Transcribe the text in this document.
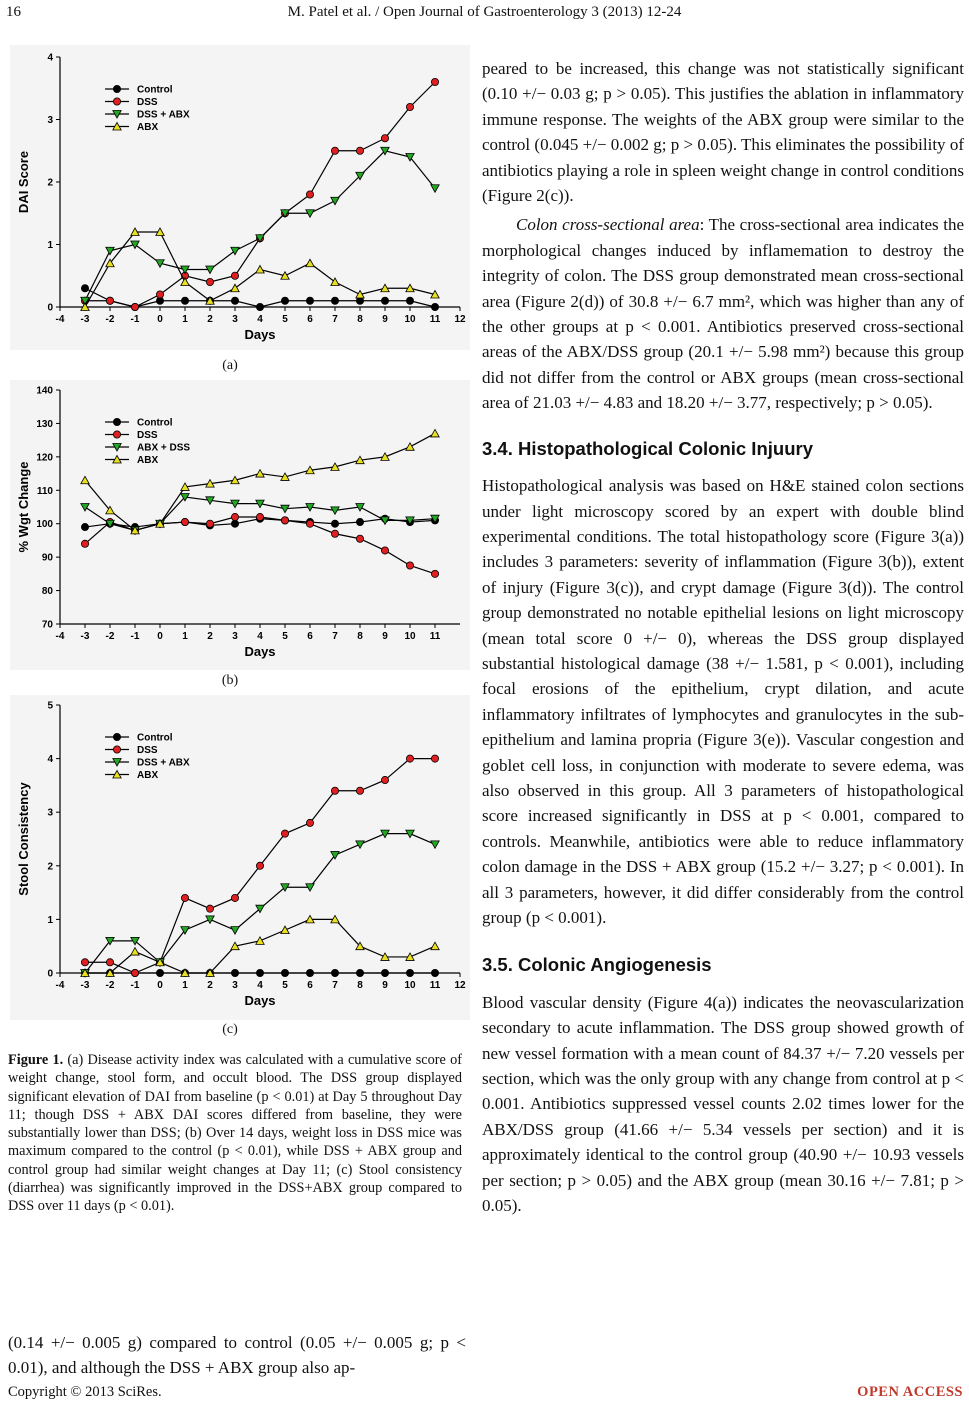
16	M. Patel et al. / Open Journal of Gastroenterology 3 (2013) 12-24
0
1
2
3
4
-4 -3 -2 -1 0 1 2 3 4 5 6 7 8 9 10 11 12
Days
DAI Score
Control
DSS
DSS + ABX
ABX
(a)
70
80
90
100
110
120
130
140
-4 -3 -2 -1 0 1 2 3 4 5 6 7 8 9 10 11
Days
% Wgt Change
Control
DSS
ABX + DSS
ABX
(b)
0
1
2
3
4
5
-4 -3 -2 -1 0 1 2 3 4 5 6 7 8 9 10 11 12
Days
Stool Consistency
Control
DSS
DSS + ABX
ABX
(c)
Figure 1. (a) Disease activity index was calculated with a cumulative score of weight change, stool form, and occult blood. The DSS group displayed significant elevation of DAI from baseline (p < 0.01) at Day 5 throughout Day 11; though DSS + ABX DAI scores differed from baseline, they were substantially lower than DSS; (b) Over 14 days, weight loss in DSS mice was maximum compared to the control (p < 0.01), while DSS + ABX group and control group had similar weight changes at Day 11; (c) Stool consistency (diarrhea) was significantly improved in the DSS+ABX group compared to DSS over 11 days (p < 0.01).
(0.14 +/− 0.005 g) compared to control (0.05 +/− 0.005 g; p < 0.01), and although the DSS + ABX group also ap-

peared to be increased, this change was not statistically significant (0.10 +/− 0.03 g; p > 0.05). This justifies the ablation in inflammatory immune response. The weights of the ABX group were similar to the control (0.045 +/− 0.002 g; p > 0.05). This eliminates the possibility of antibiotics playing a role in spleen weight change in control conditions (Figure 2(c)).

Colon cross-sectional area: The cross-sectional area indicates the morphological changes induced by inflamemation to destroy the integrity of colon. The DSS group demonstrated mean cross-sectional area (Figure 2(d)) of 30.8 +/− 6.7 mm², which was higher than any of the other groups at p < 0.001. Antibiotics preserved cross-sectional areas of the ABX/DSS group (20.1 +/− 5.98 mm²) because this group did not differ from the control or ABX groups (mean cross-sectional area of 21.03 +/− 4.83 and 18.20 +/− 3.77, respectively; p > 0.05).

3.4. Histopathological Colonic Injuury

Histopathological analysis was based on H&E stained colon sections under light microscopy scored by an expert with double blind experimental conditions. The total histopathology score (Figure 3(a)) includes 3 parameters: severity of inflammation (Figure 3(b)), extent of injury (Figure 3(c)), and crypt damage (Figure 3(d)). The control group demonstrated no notable epithelial lesions on light microscopy (mean total score 0 +/− 0), whereas the DSS group displayed substantial histological damage (38 +/− 1.581, p < 0.001), including focal erosions of the epithelium, crypt dilation, and acute inflammatory infiltrates of lymphocytes and granulocytes in the sub-epithelium and lamina propria (Figure 3(e)). Vascular congestion and goblet cell loss, in conjunction with moderate to severe edema, was also observed in this group. All 3 parameters of histopathological score increased significantly in DSS at p < 0.001, compared to controls. Meanwhile, antibiotics were able to reduce inflammatory colon damage in the DSS + ABX group (15.2 +/− 3.27; p < 0.001). In all 3 parameters, however, it did differ considerably from the control group (p < 0.001).

3.5. Colonic Angiogenesis

Blood vascular density (Figure 4(a)) indicates the neovascularization secondary to acute inflammation. The DSS group showed growth of new vessel formation with a mean count of 84.37 +/− 7.20 vessels per section, which was the only group with any change from control at p < 0.001. Antibiotics suppressed vessel counts 2.02 times lower for the ABX/DSS group (41.66 +/− 5.34 vessels per section) and it is approximately identical to the control group (40.90 +/− 10.93 vessels per section; p > 0.05) and the ABX group (mean 30.16 +/− 7.81; p > 0.05).

Copyright © 2013 SciRes.	OPEN ACCESS
